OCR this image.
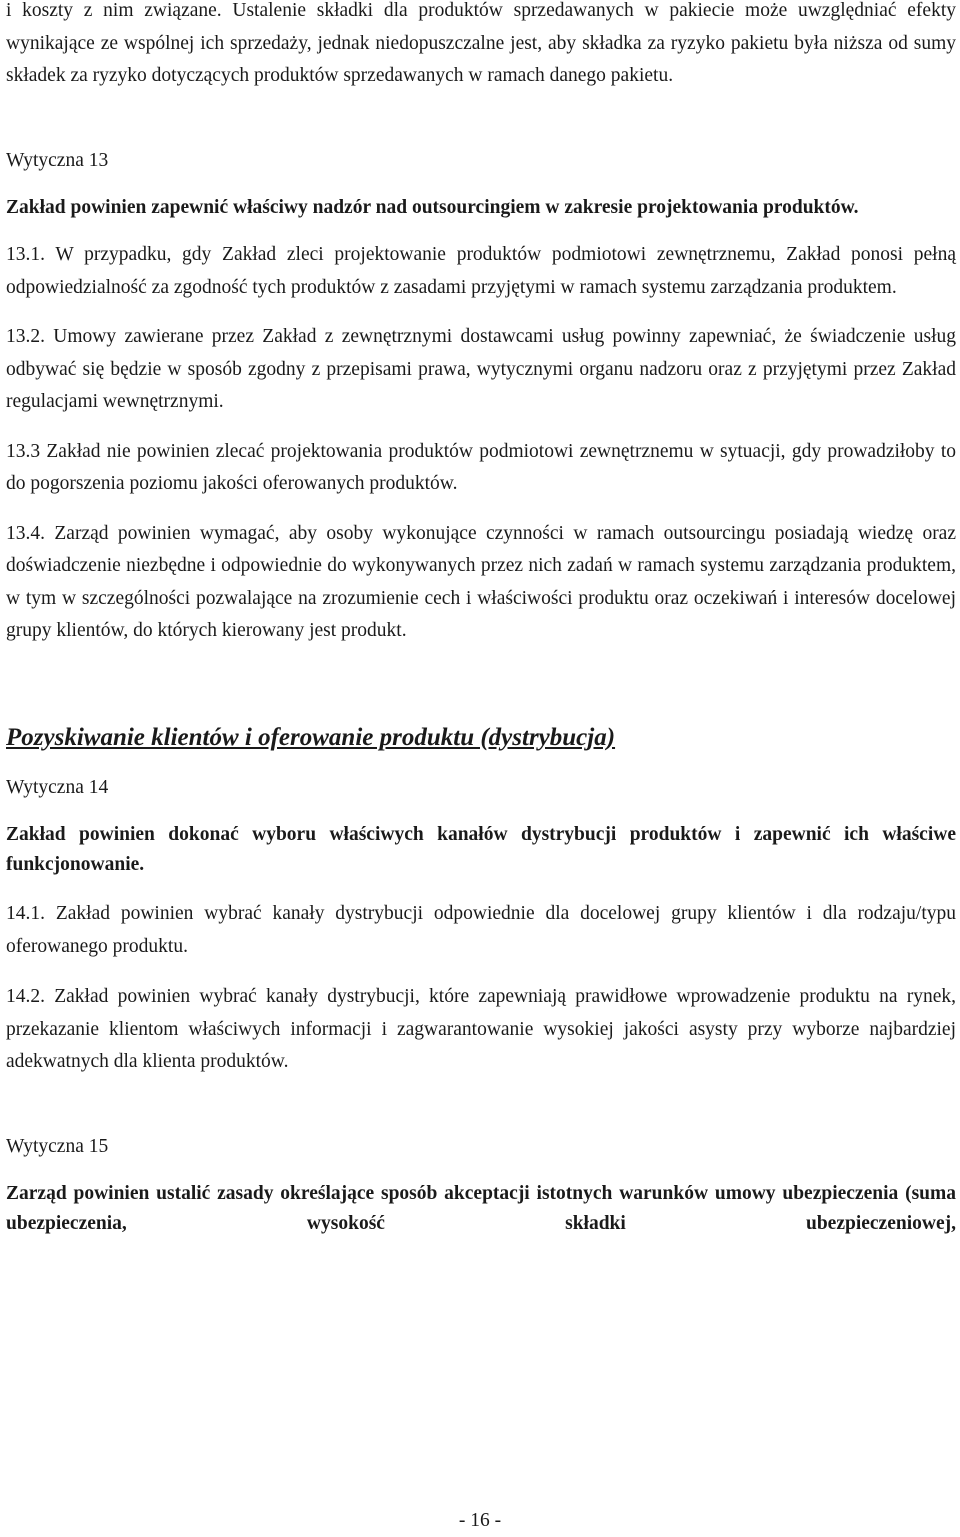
i koszty z nim związane. Ustalenie składki dla produktów sprzedawanych w pakiecie może uwzględniać efekty wynikające ze wspólnej ich sprzedaży, jednak niedopuszczalne jest, aby składka za ryzyko pakietu była niższa od sumy składek za ryzyko dotyczących produktów sprzedawanych w ramach danego pakietu.

Wytyczna 13

Zakład powinien zapewnić właściwy nadzór nad outsourcingiem w zakresie projektowania produktów.

13.1. W przypadku, gdy Zakład zleci projektowanie produktów podmiotowi zewnętrznemu, Zakład ponosi pełną odpowiedzialność za zgodność tych produktów z zasadami przyjętymi w ramach systemu zarządzania produktem.

13.2. Umowy zawierane przez Zakład z zewnętrznymi dostawcami usług powinny zapewniać, że świadczenie usług odbywać się będzie w sposób zgodny z przepisami prawa, wytycznymi organu nadzoru oraz z przyjętymi przez Zakład regulacjami wewnętrznymi.

13.3 Zakład nie powinien zlecać projektowania produktów podmiotowi zewnętrznemu w sytuacji, gdy prowadziłoby to do pogorszenia poziomu jakości oferowanych produktów.

13.4. Zarząd powinien wymagać, aby osoby wykonujące czynności w ramach outsourcingu posiadają wiedzę oraz doświadczenie niezbędne i odpowiednie do wykonywanych przez nich zadań w ramach systemu zarządzania produktem, w tym w szczególności pozwalające na zrozumienie cech i właściwości produktu oraz oczekiwań i interesów docelowej grupy klientów, do których kierowany jest produkt.

Pozyskiwanie klientów i oferowanie produktu (dystrybucja)

Wytyczna 14

Zakład powinien dokonać wyboru właściwych kanałów dystrybucji produktów i zapewnić ich właściwe funkcjonowanie.

14.1. Zakład powinien wybrać kanały dystrybucji odpowiednie dla docelowej grupy klientów i dla rodzaju/typu oferowanego produktu.

14.2. Zakład powinien wybrać kanały dystrybucji, które zapewniają prawidłowe wprowadzenie produktu na rynek, przekazanie klientom właściwych informacji i zagwarantowanie wysokiej jakości asysty przy wyborze najbardziej adekwatnych dla klienta produktów.

Wytyczna 15

Zarząd powinien ustalić zasady określające sposób akceptacji istotnych warunków umowy ubezpieczenia (suma ubezpieczenia, wysokość składki ubezpieczeniowej,

- 16 -
